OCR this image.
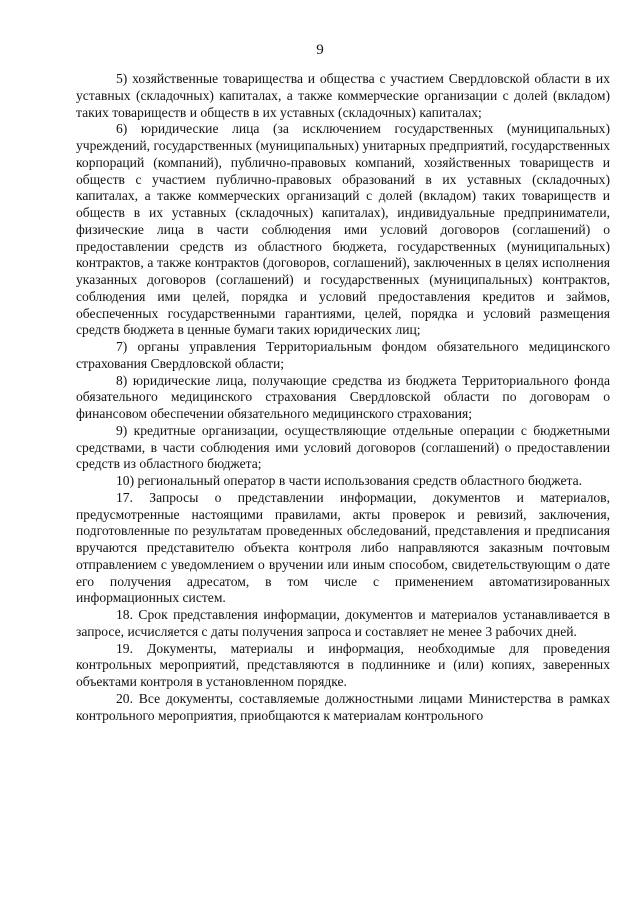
9

5) хозяйственные товарищества и общества с участием Свердловской области в их уставных (складочных) капиталах, а также коммерческие организации с долей (вкладом) таких товариществ и обществ в их уставных (складочных) капиталах;

6) юридические лица (за исключением государственных (муниципальных) учреждений, государственных (муниципальных) унитарных предприятий, государственных корпораций (компаний), публично-правовых компаний, хозяйственных товариществ и обществ с участием публично-правовых образований в их уставных (складочных) капиталах, а также коммерческих организаций с долей (вкладом) таких товариществ и обществ в их уставных (складочных) капиталах), индивидуальные предприниматели, физические лица в части соблюдения ими условий договоров (соглашений) о предоставлении средств из областного бюджета, государственных (муниципальных) контрактов, а также контрактов (договоров, соглашений), заключенных в целях исполнения указанных договоров (соглашений) и государственных (муниципальных) контрактов, соблюдения ими целей, порядка и условий предоставления кредитов и займов, обеспеченных государственными гарантиями, целей, порядка и условий размещения средств бюджета в ценные бумаги таких юридических лиц;

7) органы управления Территориальным фондом обязательного медицинского страхования Свердловской области;

8) юридические лица, получающие средства из бюджета Территориального фонда обязательного медицинского страхования Свердловской области по договорам о финансовом обеспечении обязательного медицинского страхования;

9) кредитные организации, осуществляющие отдельные операции с бюджетными средствами, в части соблюдения ими условий договоров (соглашений) о предоставлении средств из областного бюджета;

10) региональный оператор в части использования средств областного бюджета.

17. Запросы о представлении информации, документов и материалов, предусмотренные настоящими правилами, акты проверок и ревизий, заключения, подготовленные по результатам проведенных обследований, представления и предписания вручаются представителю объекта контроля либо направляются заказным почтовым отправлением с уведомлением о вручении или иным способом, свидетельствующим о дате его получения адресатом, в том числе с применением автоматизированных информационных систем.

18. Срок представления информации, документов и материалов устанавливается в запросе, исчисляется с даты получения запроса и составляет не менее 3 рабочих дней.

19. Документы, материалы и информация, необходимые для проведения контрольных мероприятий, представляются в подлиннике и (или) копиях, заверенных объектами контроля в установленном порядке.

20. Все документы, составляемые должностными лицами Министерства в рамках контрольного мероприятия, приобщаются к материалам контрольного
